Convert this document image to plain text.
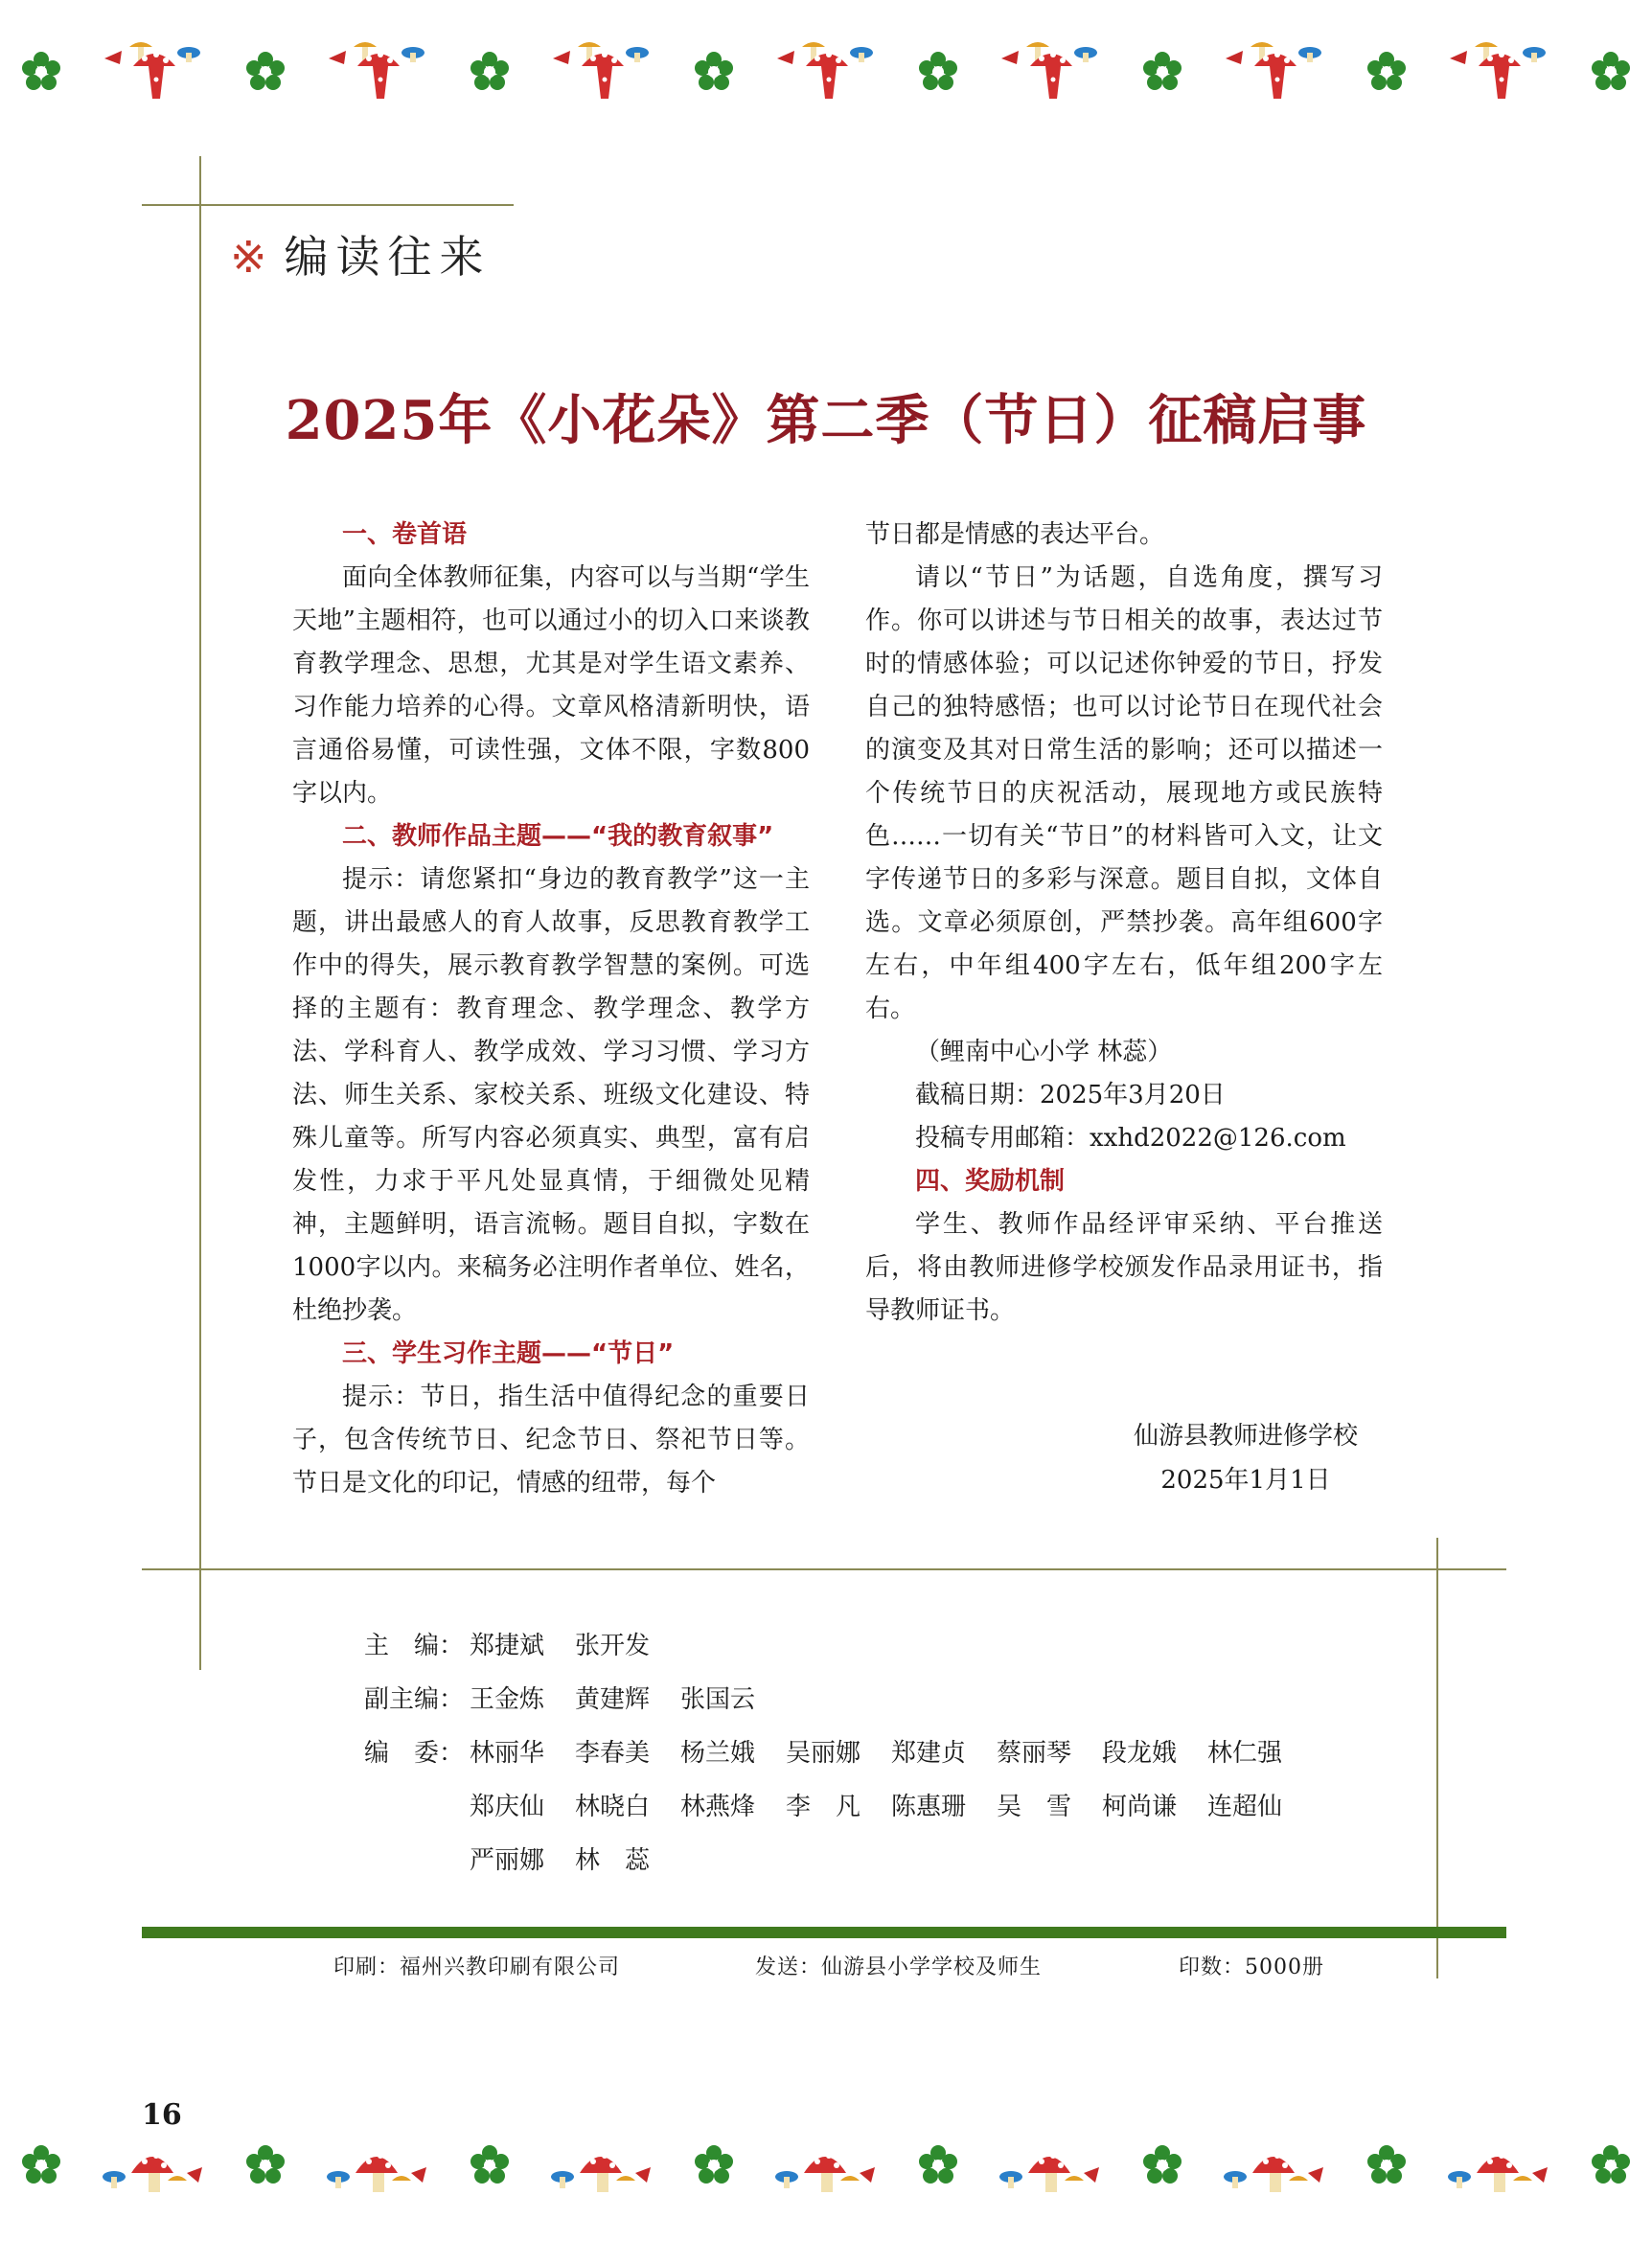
※ 编读往来
2025年《小花朵》第二季（节日）征稿启事

一、卷首语

面向全体教师征集，内容可以与当期“学生天地”主题相符，也可以通过小的切入口来谈教育教学理念、思想，尤其是对学生语文素养、习作能力培养的心得。文章风格清新明快，语言通俗易懂，可读性强，文体不限，字数800字以内。

二、教师作品主题——“我的教育叙事”

提示：请您紧扣“身边的教育教学”这一主题，讲出最感人的育人故事，反思教育教学工作中的得失，展示教育教学智慧的案例。可选择的主题有：教育理念、教学理念、教学方法、学科育人、教学成效、学习习惯、学习方法、师生关系、家校关系、班级文化建设、特殊儿童等。所写内容必须真实、典型，富有启发性，力求于平凡处显真情，于细微处见精神，主题鲜明，语言流畅。题目自拟，字数在1000字以内。来稿务必注明作者单位、姓名，杜绝抄袭。

三、学生习作主题——“节日”

提示：节日，指生活中值得纪念的重要日子，包含传统节日、纪念节日、祭祀节日等。节日是文化的印记，情感的纽带，每个

节日都是情感的表达平台。

请以“节日”为话题，自选角度，撰写习作。你可以讲述与节日相关的故事，表达过节时的情感体验；可以记述你钟爱的节日，抒发自己的独特感悟；也可以讨论节日在现代社会的演变及其对日常生活的影响；还可以描述一个传统节日的庆祝活动，展现地方或民族特色……一切有关“节日”的材料皆可入文，让文字传递节日的多彩与深意。题目自拟，文体自选。文章必须原创，严禁抄袭。高年组600字左右，中年组400字左右，低年组200字左右。

（鲤南中心小学 林蕊）

截稿日期：2025年3月20日

投稿专用邮箱：xxhd2022@126.com

四、奖励机制

学生、教师作品经评审采纳、平台推送后，将由教师进修学校颁发作品录用证书，指导教师证书。

仙游县教师进修学校
2025年1月1日
主　编： 郑捷斌	张开发
副主编： 王金炼	黄建辉	张国云
编　委： 林丽华	李春美	杨兰娥	吴丽娜	郑建贞	蔡丽琴	段龙娥	林仁强
郑庆仙	林晓白	林燕烽	李　凡	陈惠珊	吴　雪	柯尚谦	连超仙
严丽娜	林　蕊
印刷：福州兴教印刷有限公司	发送：仙游县小学学校及师生	印数：5000册
16
